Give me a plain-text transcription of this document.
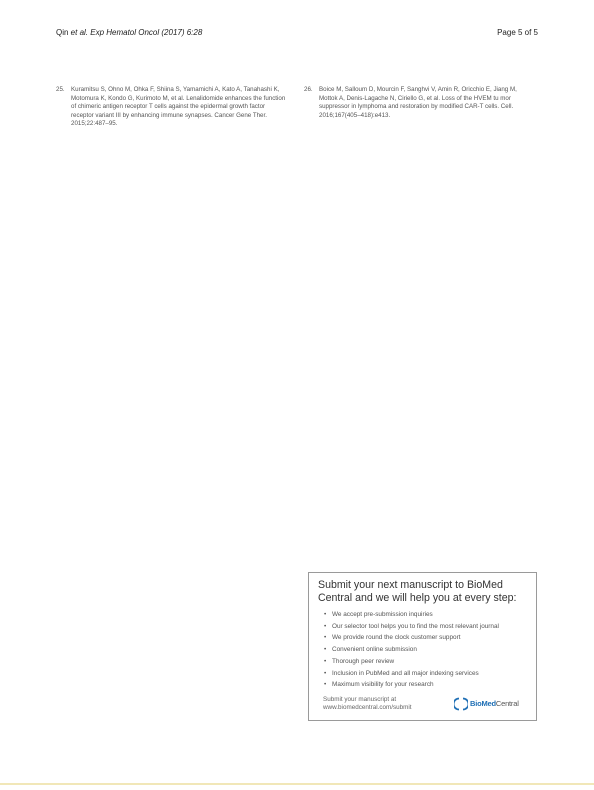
Qin et al. Exp Hematol Oncol (2017) 6:28	Page 5 of 5
25. Kuramitsu S, Ohno M, Ohka F, Shiina S, Yamamichi A, Kato A, Tanahashi K, Motomura K, Kondo G, Kurimoto M, et al. Lenalidomide enhances the function of chimeric antigen receptor T cells against the epidermal growth factor receptor variant III by enhancing immune synapses. Cancer Gene Ther. 2015;22:487–95.
26. Boice M, Salloum D, Mourcin F, Sanghvi V, Amin R, Oricchio E, Jiang M, Mottok A, Denis-Lagache N, Ciriello G, et al. Loss of the HVEM tu mor suppressor in lymphoma and restoration by modified CAR-T cells. Cell. 2016;167(405–418):e413.
Submit your next manuscript to BioMed Central and we will help you at every step:
• We accept pre-submission inquiries
• Our selector tool helps you to find the most relevant journal
• We provide round the clock customer support
• Convenient online submission
• Thorough peer review
• Inclusion in PubMed and all major indexing services
• Maximum visibility for your research
Submit your manuscript at
www.biomedcentral.com/submit	BioMedCentral
